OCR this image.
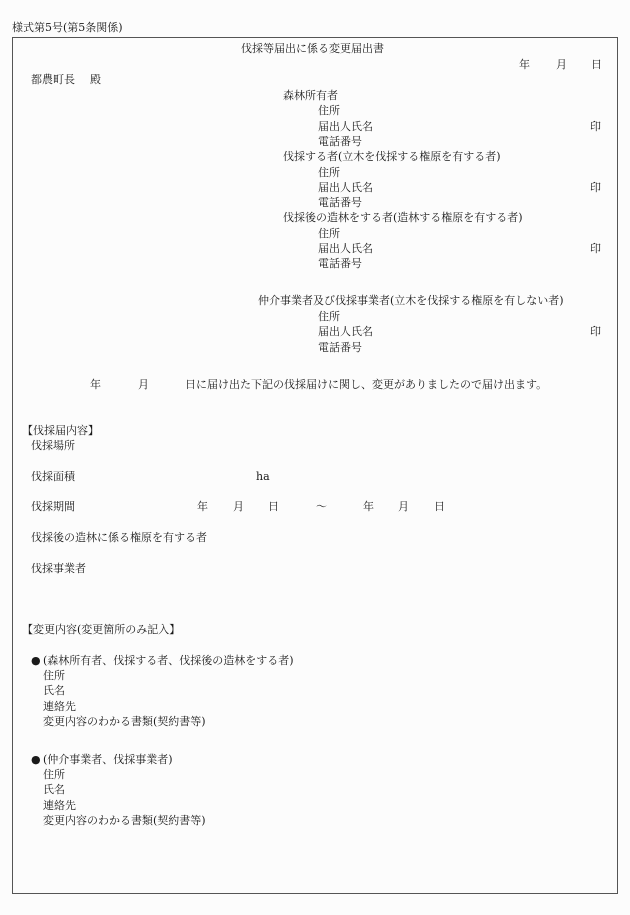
様式第5号(第5条関係)
伐採等届出に係る変更届出書
年 月 日
都農町長 殿
森林所有者
住所
届出人氏名	印
電話番号
伐採する者(立木を伐採する権原を有する者)
住所
届出人氏名	印
電話番号
伐採後の造林をする者(造林する権原を有する者)
住所
届出人氏名	印
電話番号
仲介事業者及び伐採事業者(立木を伐採する権原を有しない者)
住所
届出人氏名	印
電話番号
年	月	日に届け出た下記の伐採届けに関し、変更がありましたので届け出ます。
【伐採届内容】
伐採場所
伐採面積	ha
伐採期間	年 月 日	〜	年 月 日
伐採後の造林に係る権原を有する者
伐採事業者
【変更内容(変更箇所のみ記入】
● (森林所有者、伐採する者、伐採後の造林をする者)
住所
氏名
連絡先
変更内容のわかる書類(契約書等)
● (仲介事業者、伐採事業者)
住所
氏名
連絡先
変更内容のわかる書類(契約書等)
